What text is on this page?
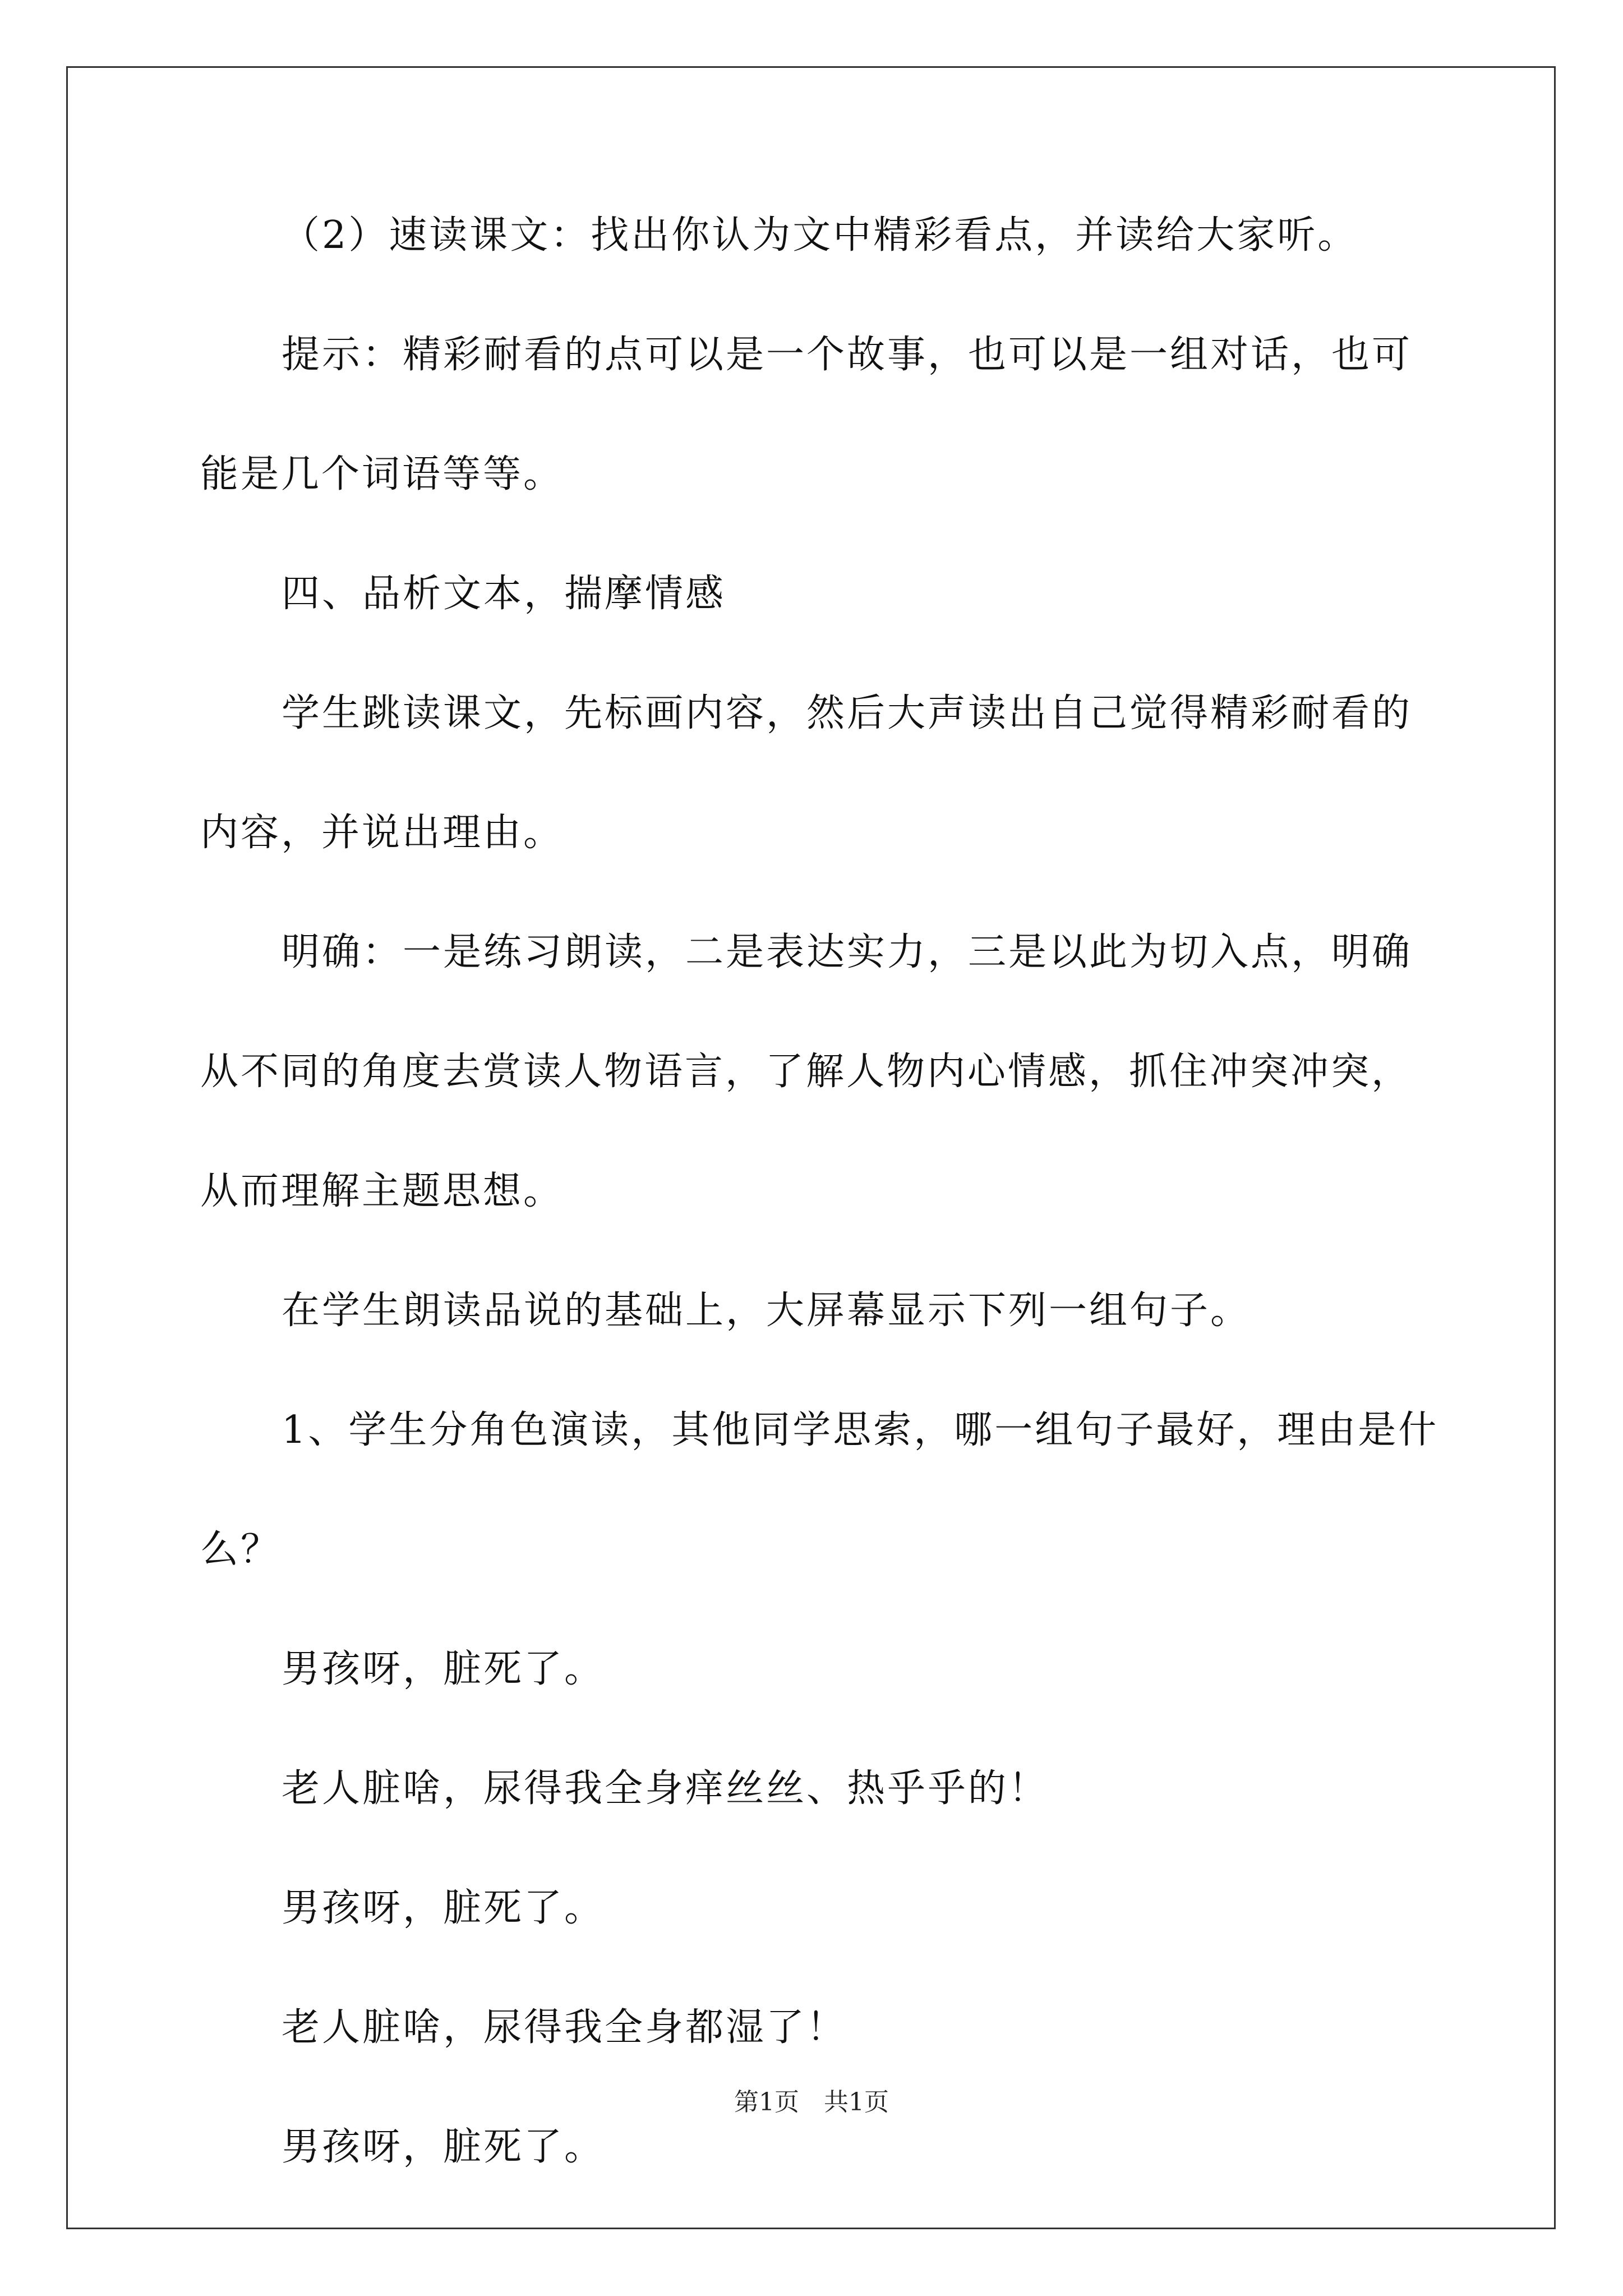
（2）速读课文：找出你认为文中精彩看点，并读给大家听。
提示：精彩耐看的点可以是一个故事，也可以是一组对话，也可
能是几个词语等等。
四、品析文本，揣摩情感
学生跳读课文，先标画内容，然后大声读出自己觉得精彩耐看的
内容，并说出理由。
明确：一是练习朗读，二是表达实力，三是以此为切入点，明确
从不同的角度去赏读人物语言，了解人物内心情感，抓住冲突冲突，
从而理解主题思想。
在学生朗读品说的基础上，大屏幕显示下列一组句子。
1、学生分角色演读，其他同学思索，哪一组句子最好，理由是什
么？
男孩呀，脏死了。
老人脏啥，尿得我全身痒丝丝、热乎乎的！
男孩呀，脏死了。
老人脏啥，尿得我全身都湿了！
男孩呀，脏死了。
第1页　共1页
